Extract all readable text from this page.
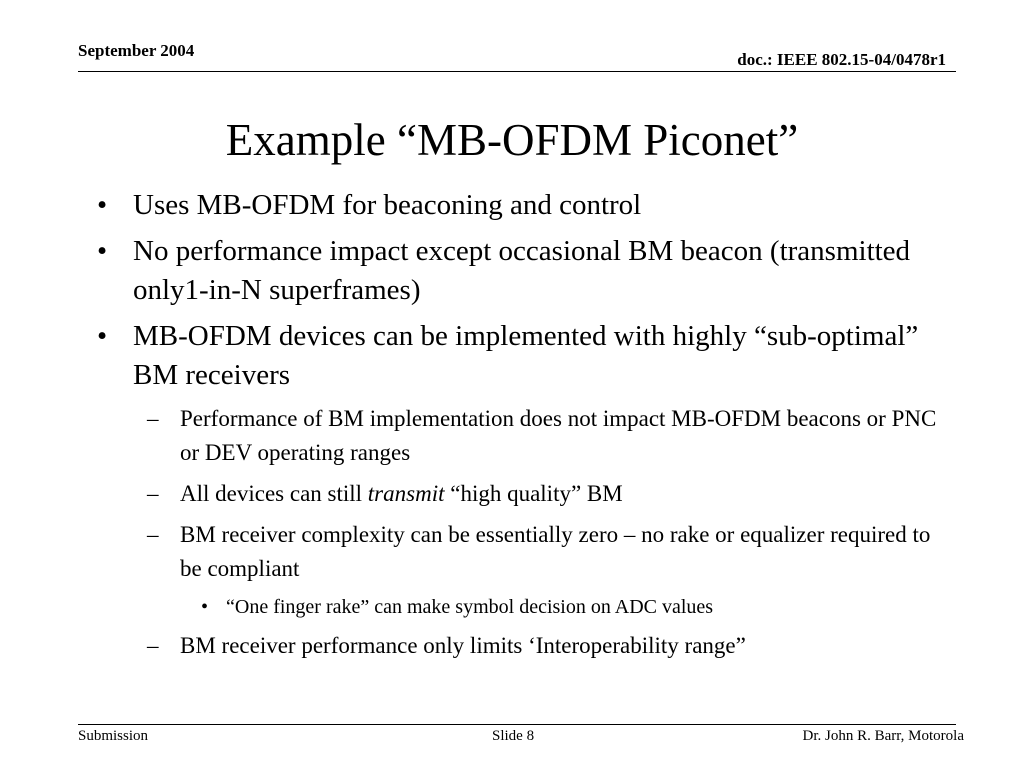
September 2004	doc.: IEEE 802.15-04/0478r1
Example “MB-OFDM Piconet”
• Uses MB-OFDM for beaconing and control
• No performance impact except occasional BM beacon (transmitted only1-in-N superframes)
• MB-OFDM devices can be implemented with highly “sub-optimal” BM receivers
– Performance of BM implementation does not impact MB-OFDM beacons or PNC or DEV operating ranges
– All devices can still transmit “high quality” BM
– BM receiver complexity can be essentially zero – no rake or equalizer required to be compliant
• “One finger rake” can make symbol decision on ADC values
– BM receiver performance only limits ‘Interoperability range”
Submission	Slide 8	Dr. John R. Barr, Motorola
